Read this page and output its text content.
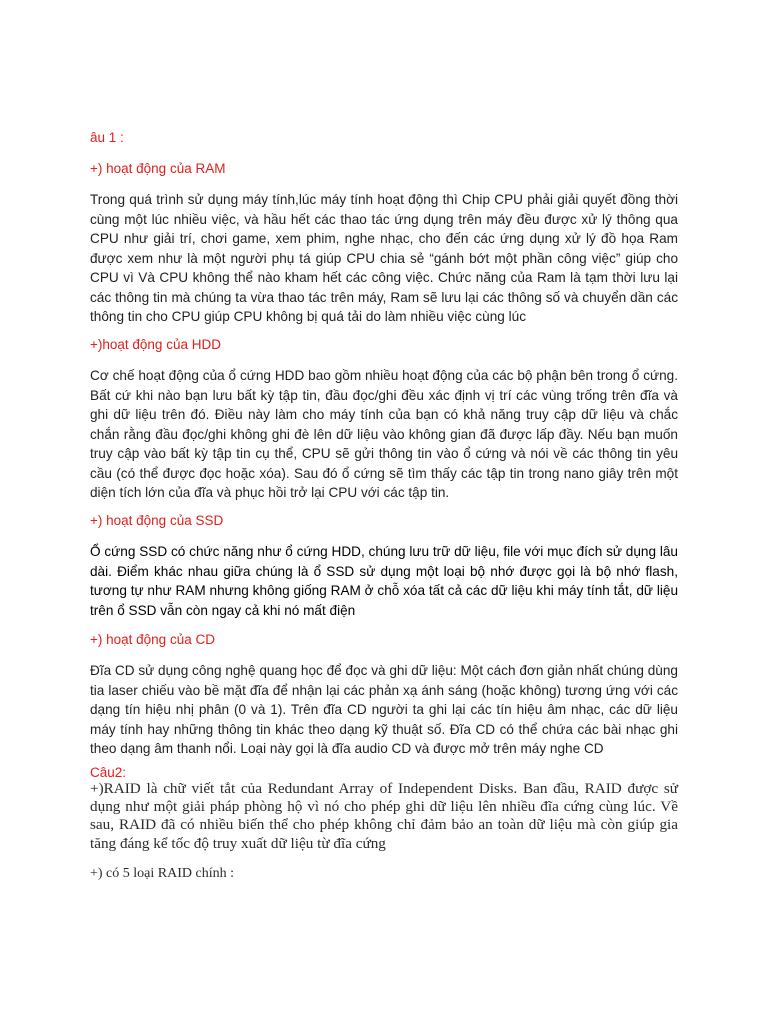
âu 1 :

+) hoạt động của RAM

Trong quá trình sử dụng máy tính,lúc máy tính hoạt động thì Chip CPU phải giải quyết đồng thời cùng một lúc nhiều việc, và hầu hết các thao tác ứng dụng trên máy đều được xử lý thông qua CPU như giải trí, chơi game, xem phim, nghe nhạc, cho đến các ứng dụng xử lý đồ họa Ram được xem như là một người phụ tá giúp CPU chia sẻ “gánh bớt một phần công việc” giúp cho CPU vì Và CPU không thể nào kham hết các công việc. Chức năng của Ram là tạm thời lưu lại các thông tin mà chúng ta vừa thao tác trên máy, Ram sẽ lưu lại các thông số và chuyển dần các thông tin cho CPU giúp CPU không bị quá tải do làm nhiều việc cùng lúc

+)hoạt động của HDD

Cơ chế hoạt động của ổ cứng HDD bao gồm nhiều hoạt động của các bộ phận bên trong ổ cứng. Bất cứ khi nào bạn lưu bất kỳ tập tin, đầu đọc/ghi đều xác định vị trí các vùng trống trên đĩa và ghi dữ liệu trên đó. Điều này làm cho máy tính của bạn có khả năng truy cập dữ liệu và chắc chắn rằng đầu đọc/ghi không ghi đè lên dữ liệu vào không gian đã được lấp đầy. Nếu bạn muốn truy cập vào bất kỳ tập tin cụ thể, CPU sẽ gửi thông tin vào ổ cứng và nói về các thông tin yêu cầu (có thể được đọc hoặc xóa). Sau đó ổ cứng sẽ tìm thấy các tập tin trong nano giây trên một diện tích lớn của đĩa và phục hồi trở lại CPU với các tập tin.

+) hoạt động của SSD

Ổ cứng SSD có chức năng như ổ cứng HDD, chúng lưu trữ dữ liệu, file với mục đích sử dụng lâu dài. Điểm khác nhau giữa chúng là ổ SSD sử dụng một loại bộ nhớ được gọi là bộ nhớ flash, tương tự như RAM nhưng không giống RAM ở chỗ xóa tất cả các dữ liệu khi máy tính tắt, dữ liệu trên ổ SSD vẫn còn ngay cả khi nó mất điện

+) hoạt động của CD

Đĩa CD sử dụng công nghệ quang học để đọc và ghi dữ liệu: Một cách đơn giản nhất chúng dùng tia laser chiếu vào bề mặt đĩa để nhận lại các phản xạ ánh sáng (hoặc không) tương ứng với các dạng tín hiệu nhị phân (0 và 1). Trên đĩa CD người ta ghi lại các tín hiệu âm nhạc, các dữ liệu máy tính hay những thông tin khác theo dạng kỹ thuật số. Đĩa CD có thể chứa các bài nhạc ghi theo dạng âm thanh nổi. Loại này gọi là đĩa audio CD và được mở trên máy nghe CD

Câu2:

+)RAID là chữ viết tắt của Redundant Array of Independent Disks. Ban đầu, RAID được sử dụng như một giải pháp phòng hộ vì nó cho phép ghi dữ liệu lên nhiều đĩa cứng cùng lúc. Về sau, RAID đã có nhiều biến thể cho phép không chỉ đảm bảo an toàn dữ liệu mà còn giúp gia tăng đáng kể tốc độ truy xuất dữ liệu từ đĩa cứng

+) có 5 loại RAID chính :
